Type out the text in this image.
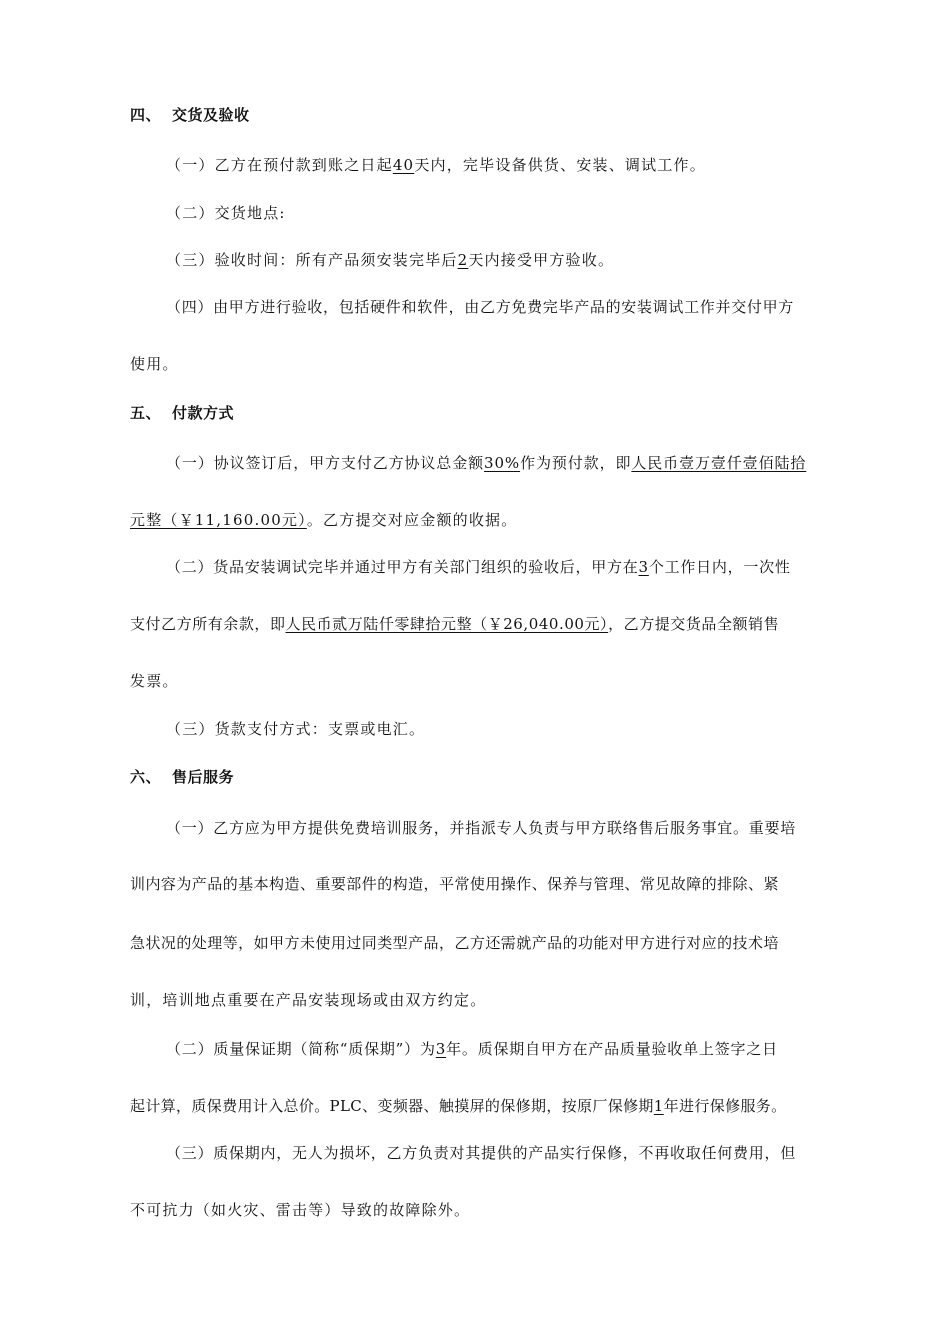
四、 交货及验收
（一）乙方在预付款到账之日起40天内，完毕设备供货、安装、调试工作。
（二）交货地点:
（三）验收时间：所有产品须安装完毕后2天内接受甲方验收。
（四）由甲方进行验收，包括硬件和软件，由乙方免费完毕产品的安装调试工作并交付甲方
使用。
五、 付款方式
（一）协议签订后，甲方支付乙方协议总金额30%作为预付款，即人民币壹万壹仟壹佰陆拾
元整（￥11,160.00元）。乙方提交对应金额的收据。
（二）货品安装调试完毕并通过甲方有关部门组织的验收后，甲方在3个工作日内，一次性
支付乙方所有余款，即人民币贰万陆仟零肆拾元整（￥26,040.00元），乙方提交货品全额销售
发票。
（三）货款支付方式：支票或电汇。
六、 售后服务
（一）乙方应为甲方提供免费培训服务，并指派专人负责与甲方联络售后服务事宜。重要培
训内容为产品的基本构造、重要部件的构造，平常使用操作、保养与管理、常见故障的排除、紧
急状况的处理等，如甲方未使用过同类型产品，乙方还需就产品的功能对甲方进行对应的技术培
训，培训地点重要在产品安装现场或由双方约定。
（二）质量保证期（简称“质保期”）为3年。质保期自甲方在产品质量验收单上签字之日
起计算，质保费用计入总价。PLC、变频器、触摸屏的保修期，按原厂保修期1年进行保修服务。
（三）质保期内，无人为损坏，乙方负责对其提供的产品实行保修，不再收取任何费用，但
不可抗力（如火灾、雷击等）导致的故障除外。
